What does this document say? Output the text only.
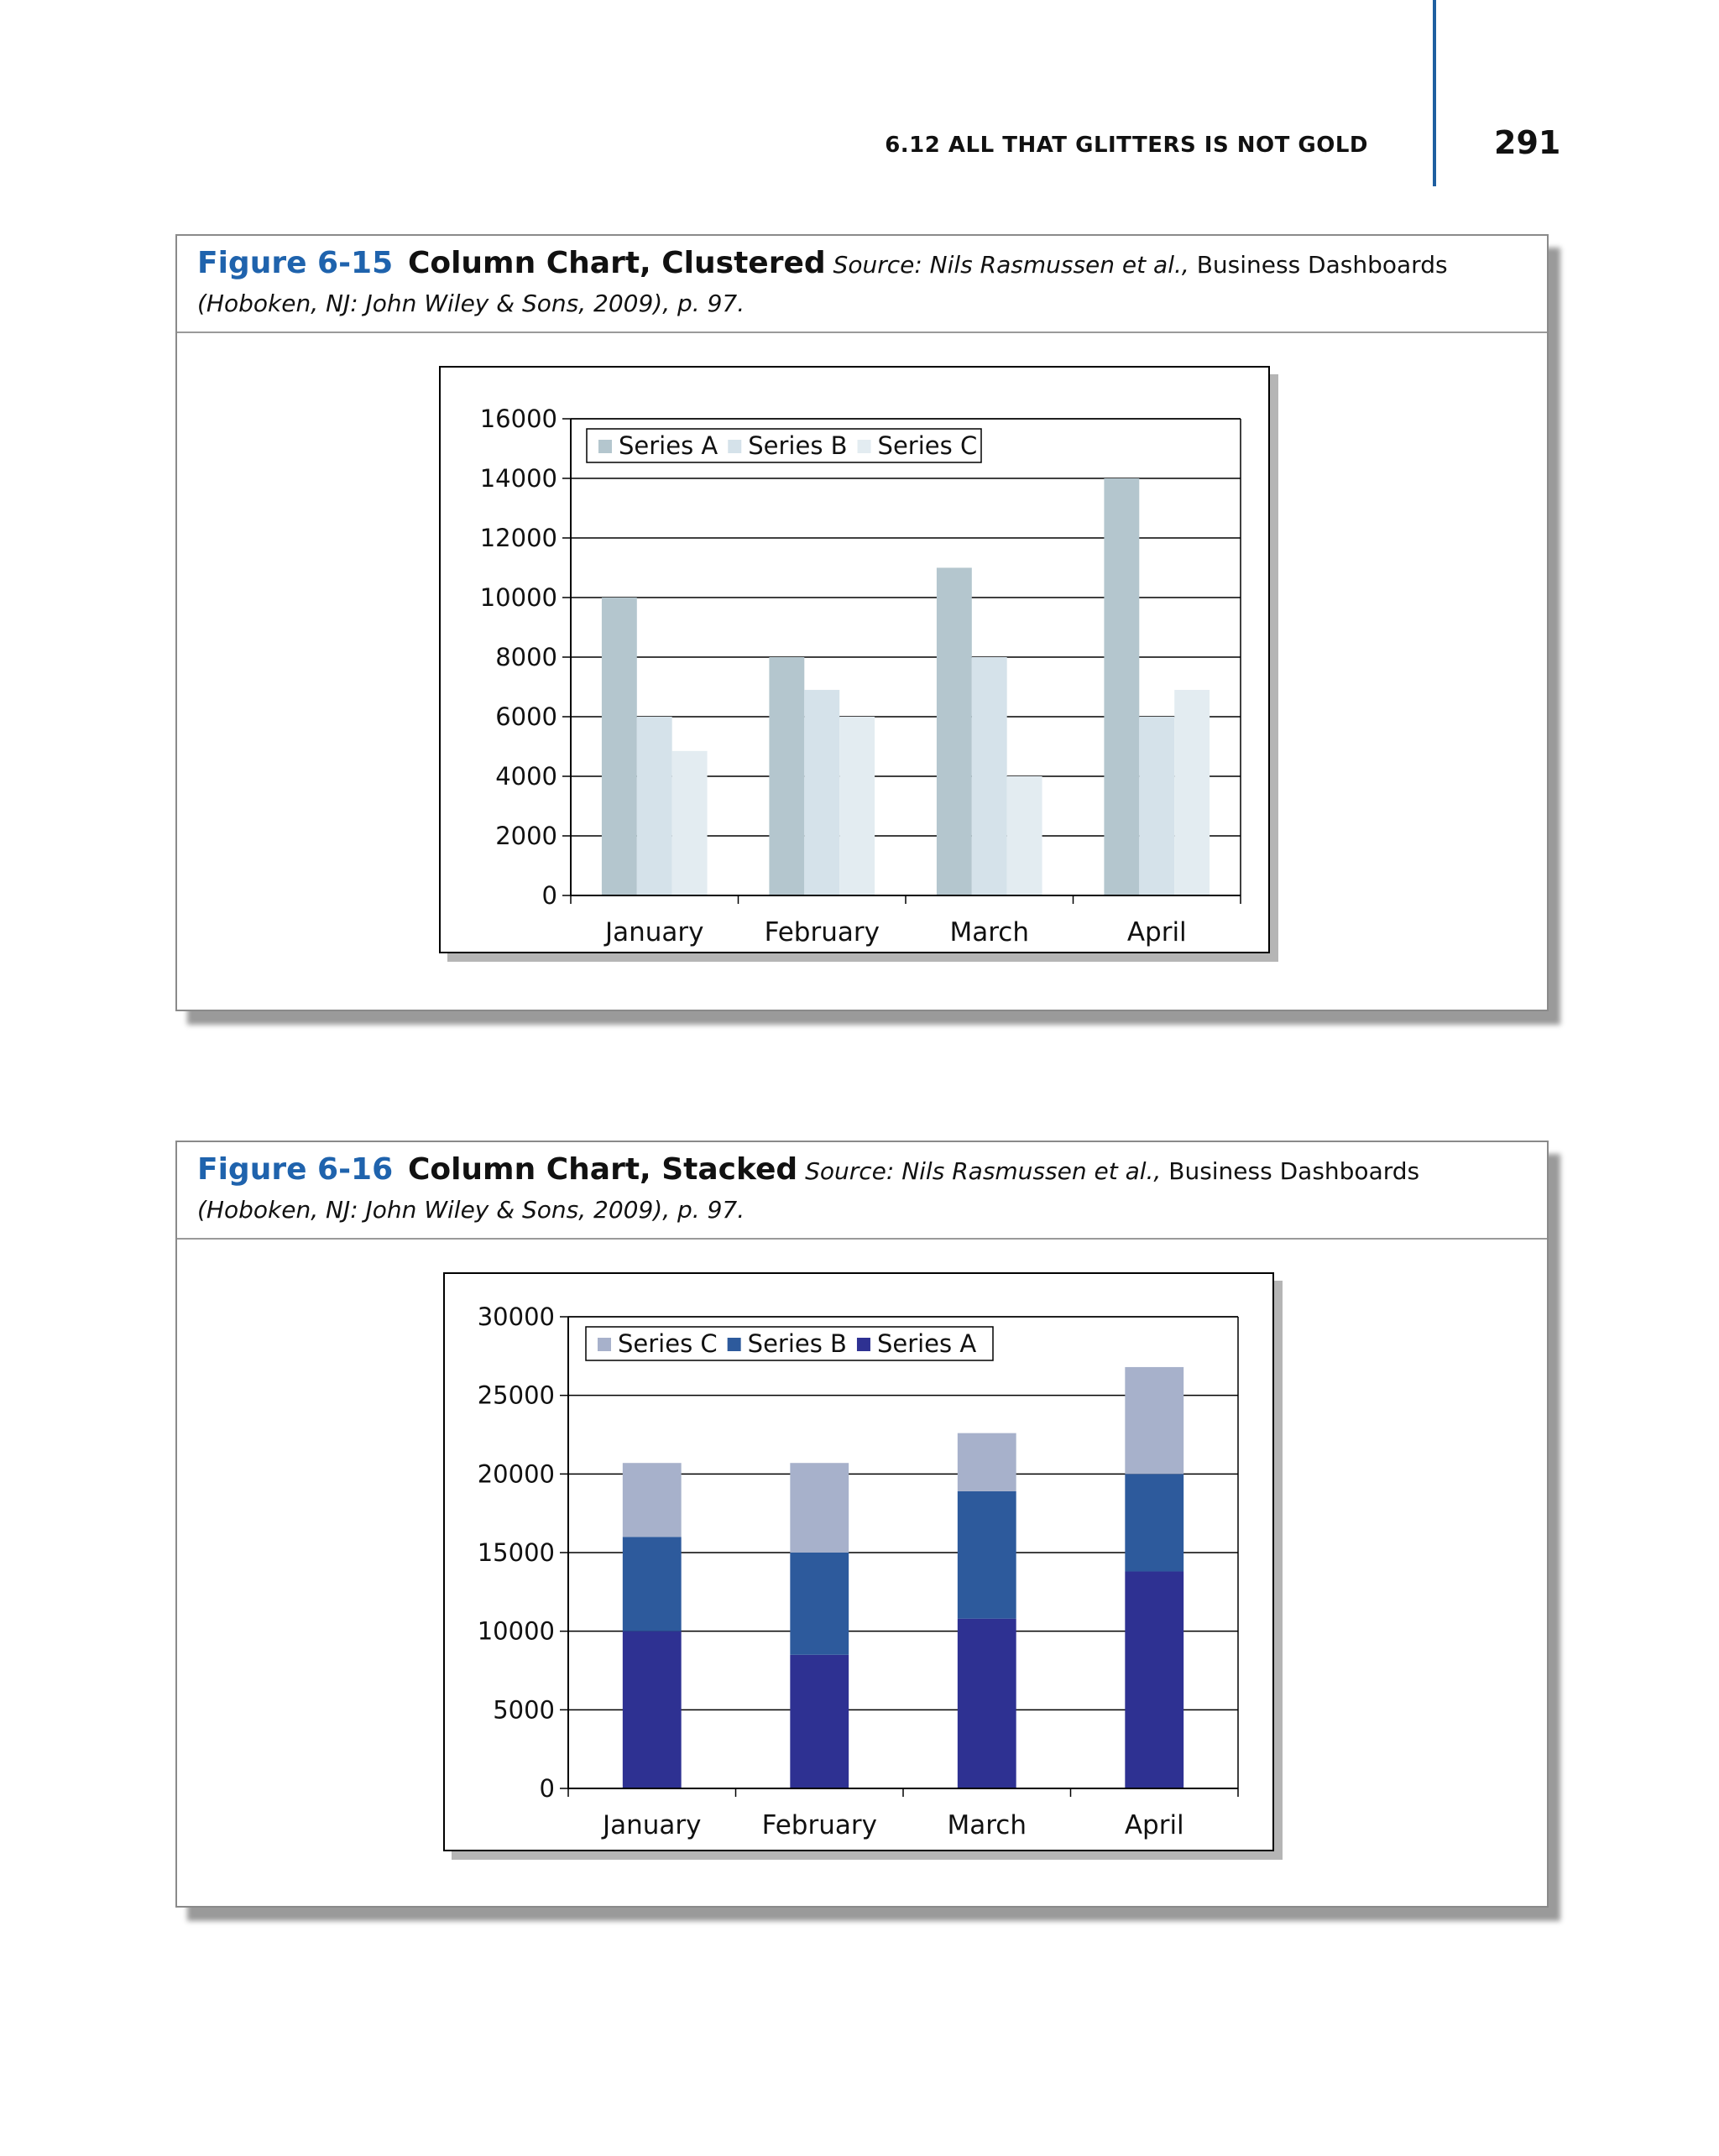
6.12 ALL THAT GLITTERS IS NOT GOLD	291

Figure 6-15 Column Chart, Clustered Source: Nils Rasmussen et al., Business Dashboards (Hoboken, NJ: John Wiley & Sons, 2009), p. 97.
0
2000
4000
6000
8000
10000
12000
14000
16000
January February	March	April
Series A Series B Series C
Figure 6-16 Column Chart, Stacked Source: Nils Rasmussen et al., Business Dashboards (Hoboken, NJ: John Wiley & Sons, 2009), p. 97.
0
5000
10000
15000
20000
25000
30000
January February	March	April
Series C Series B Series A
